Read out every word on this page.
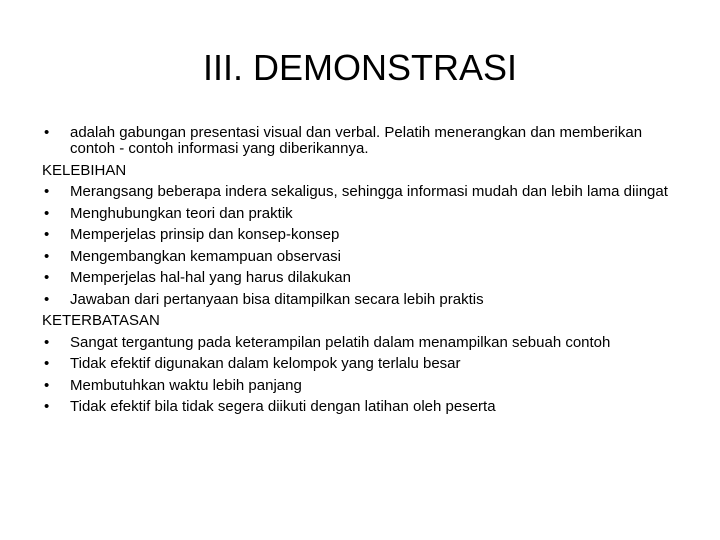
III. DEMONSTRASI
•	adalah gabungan presentasi visual dan verbal. Pelatih menerangkan dan memberikan contoh - contoh informasi yang diberikannya.
KELEBIHAN
•	Merangsang beberapa indera sekaligus, sehingga informasi mudah dan lebih lama diingat
•	Menghubungkan teori dan praktik
•	Memperjelas prinsip dan konsep-konsep
•	Mengembangkan kemampuan observasi
•	Memperjelas hal-hal yang harus dilakukan
•	Jawaban dari pertanyaan bisa ditampilkan secara lebih praktis
KETERBATASAN
•	Sangat tergantung pada keterampilan pelatih dalam menampilkan sebuah contoh
•	Tidak efektif digunakan dalam kelompok yang terlalu besar
•	Membutuhkan waktu lebih panjang
•	Tidak efektif bila tidak segera diikuti dengan latihan oleh peserta
